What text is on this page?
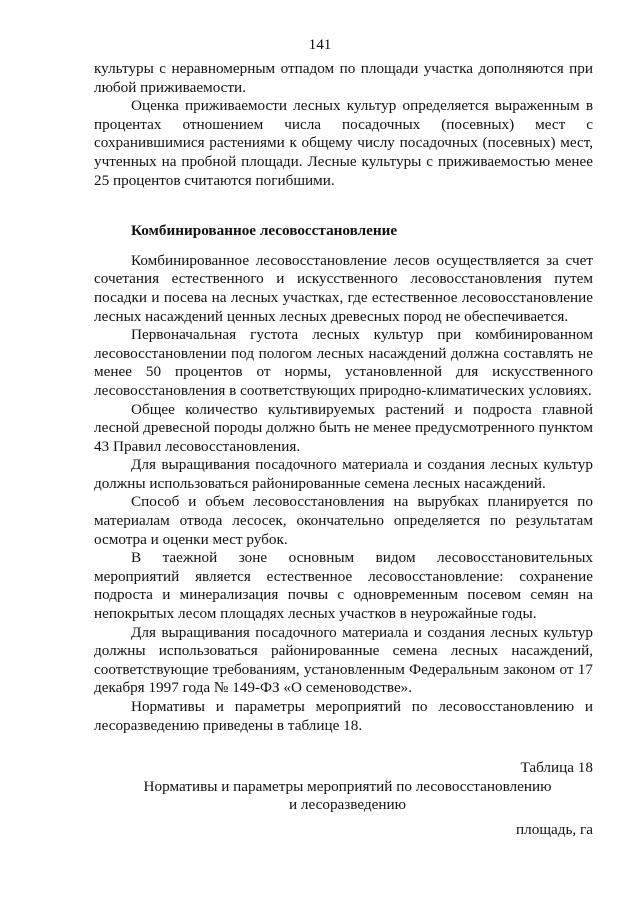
141

культуры с неравномерным отпадом по площади участка дополняются при любой приживаемости.

Оценка приживаемости лесных культур определяется выраженным в процентах отношением числа посадочных (посевных) мест с сохранившимися растениями к общему числу посадочных (посевных) мест, учтенных на пробной площади. Лесные культуры с приживаемостью менее 25 процентов считаются погибшими.

Комбинированное лесовосстановление

Комбинированное лесовосстановление лесов осуществляется за счет сочетания естественного и искусственного лесовосстановления путем посадки и посева на лесных участках, где естественное лесовосстановление лесных насаждений ценных лесных древесных пород не обеспечивается.

Первоначальная густота лесных культур при комбинированном лесовосстановлении под пологом лесных насаждений должна составлять не менее 50 процентов от нормы, установленной для искусственного лесовосстановления в соответствующих природно-климатических условиях.

Общее количество культивируемых растений и подроста главной лесной древесной породы должно быть не менее предусмотренного пунктом 43 Правил лесовосстановления.

Для выращивания посадочного материала и создания лесных культур должны использоваться районированные семена лесных насаждений.

Способ и объем лесовосстановления на вырубках планируется по материалам отвода лесосек, окончательно определяется по результатам осмотра и оценки мест рубок.

В таежной зоне основным видом лесовосстановительных мероприятий является естественное лесовосстановление: сохранение подроста и минерализация почвы с одновременным посевом семян на непокрытых лесом площадях лесных участков в неурожайные годы.

Для выращивания посадочного материала и создания лесных культур должны использоваться районированные семена лесных насаждений, соответствующие требованиям, установленным Федеральным законом от 17 декабря 1997 года № 149-ФЗ «О семеноводстве».

Нормативы и параметры мероприятий по лесовосстановлению и лесоразведению приведены в таблице 18.

Таблица 18
Нормативы и параметры мероприятий по лесовосстановлению
и лесоразведению
площадь, га
